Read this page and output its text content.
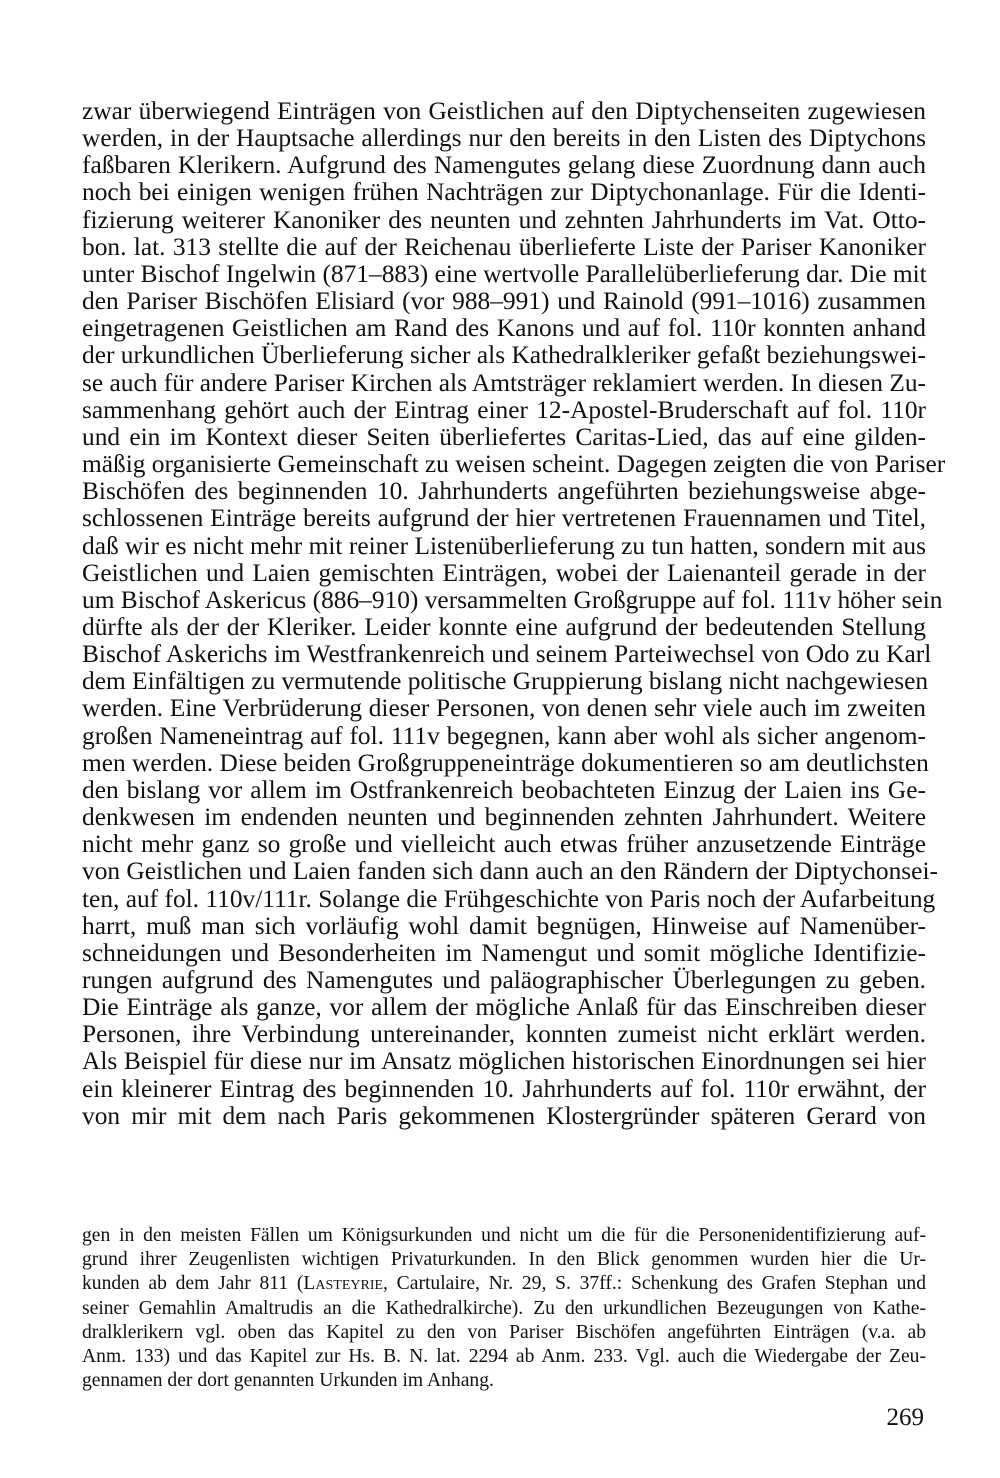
zwar überwiegend Einträgen von Geistlichen auf den Diptychenseiten zugewiesen
werden, in der Hauptsache allerdings nur den bereits in den Listen des Diptychons
faßbaren Klerikern. Aufgrund des Namengutes gelang diese Zuordnung dann auch
noch bei einigen wenigen frühen Nachträgen zur Diptychonanlage. Für die Identi-
fizierung weiterer Kanoniker des neunten und zehnten Jahrhunderts im Vat. Otto-
bon. lat. 313 stellte die auf der Reichenau überlieferte Liste der Pariser Kanoniker
unter Bischof Ingelwin (871–883) eine wertvolle Parallelüberlieferung dar. Die mit
den Pariser Bischöfen Elisiard (vor 988–991) und Rainold (991–1016) zusammen
eingetragenen Geistlichen am Rand des Kanons und auf fol. 110r konnten anhand
der urkundlichen Überlieferung sicher als Kathedralkleriker gefaßt beziehungswei-
se auch für andere Pariser Kirchen als Amtsträger reklamiert werden. In diesen Zu-
sammenhang gehört auch der Eintrag einer 12-Apostel-Bruderschaft auf fol. 110r
und ein im Kontext dieser Seiten überliefertes Caritas-Lied, das auf eine gilden-
mäßig organisierte Gemeinschaft zu weisen scheint. Dagegen zeigten die von Pariser
Bischöfen des beginnenden 10. Jahrhunderts angeführten beziehungsweise abge-
schlossenen Einträge bereits aufgrund der hier vertretenen Frauennamen und Titel,
daß wir es nicht mehr mit reiner Listenüberlieferung zu tun hatten, sondern mit aus
Geistlichen und Laien gemischten Einträgen, wobei der Laienanteil gerade in der
um Bischof Askericus (886–910) versammelten Großgruppe auf fol. 111v höher sein
dürfte als der der Kleriker. Leider konnte eine aufgrund der bedeutenden Stellung
Bischof Askerichs im Westfrankenreich und seinem Parteiwechsel von Odo zu Karl
dem Einfältigen zu vermutende politische Gruppierung bislang nicht nachgewiesen
werden. Eine Verbrüderung dieser Personen, von denen sehr viele auch im zweiten
großen Nameneintrag auf fol. 111v begegnen, kann aber wohl als sicher angenom-
men werden. Diese beiden Großgruppeneinträge dokumentieren so am deutlichsten
den bislang vor allem im Ostfrankenreich beobachteten Einzug der Laien ins Ge-
denkwesen im endenden neunten und beginnenden zehnten Jahrhundert. Weitere
nicht mehr ganz so große und vielleicht auch etwas früher anzusetzende Einträge
von Geistlichen und Laien fanden sich dann auch an den Rändern der Diptychonsei-
ten, auf fol. 110v/111r. Solange die Frühgeschichte von Paris noch der Aufarbeitung
harrt, muß man sich vorläufig wohl damit begnügen, Hinweise auf Namenüber-
schneidungen und Besonderheiten im Namengut und somit mögliche Identifizie-
rungen aufgrund des Namengutes und paläographischer Überlegungen zu geben.
Die Einträge als ganze, vor allem der mögliche Anlaß für das Einschreiben dieser
Personen, ihre Verbindung untereinander, konnten zumeist nicht erklärt werden.
Als Beispiel für diese nur im Ansatz möglichen historischen Einordnungen sei hier
ein kleinerer Eintrag des beginnenden 10. Jahrhunderts auf fol. 110r erwähnt, der
von mir mit dem nach Paris gekommenen Klostergründer späteren Gerard von
gen in den meisten Fällen um Königsurkunden und nicht um die für die Personenidentifizierung auf-
grund ihrer Zeugenlisten wichtigen Privaturkunden. In den Blick genommen wurden hier die Ur-
kunden ab dem Jahr 811 (Lasteyrie, Cartulaire, Nr. 29, S. 37ff.: Schenkung des Grafen Stephan und
seiner Gemahlin Amaltrudis an die Kathedralkirche). Zu den urkundlichen Bezeugungen von Kathe-
dralklerikern vgl. oben das Kapitel zu den von Pariser Bischöfen angeführten Einträgen (v.a. ab
Anm. 133) und das Kapitel zur Hs. B. N. lat. 2294 ab Anm. 233. Vgl. auch die Wiedergabe der Zeu-
gennamen der dort genannten Urkunden im Anhang.
269
